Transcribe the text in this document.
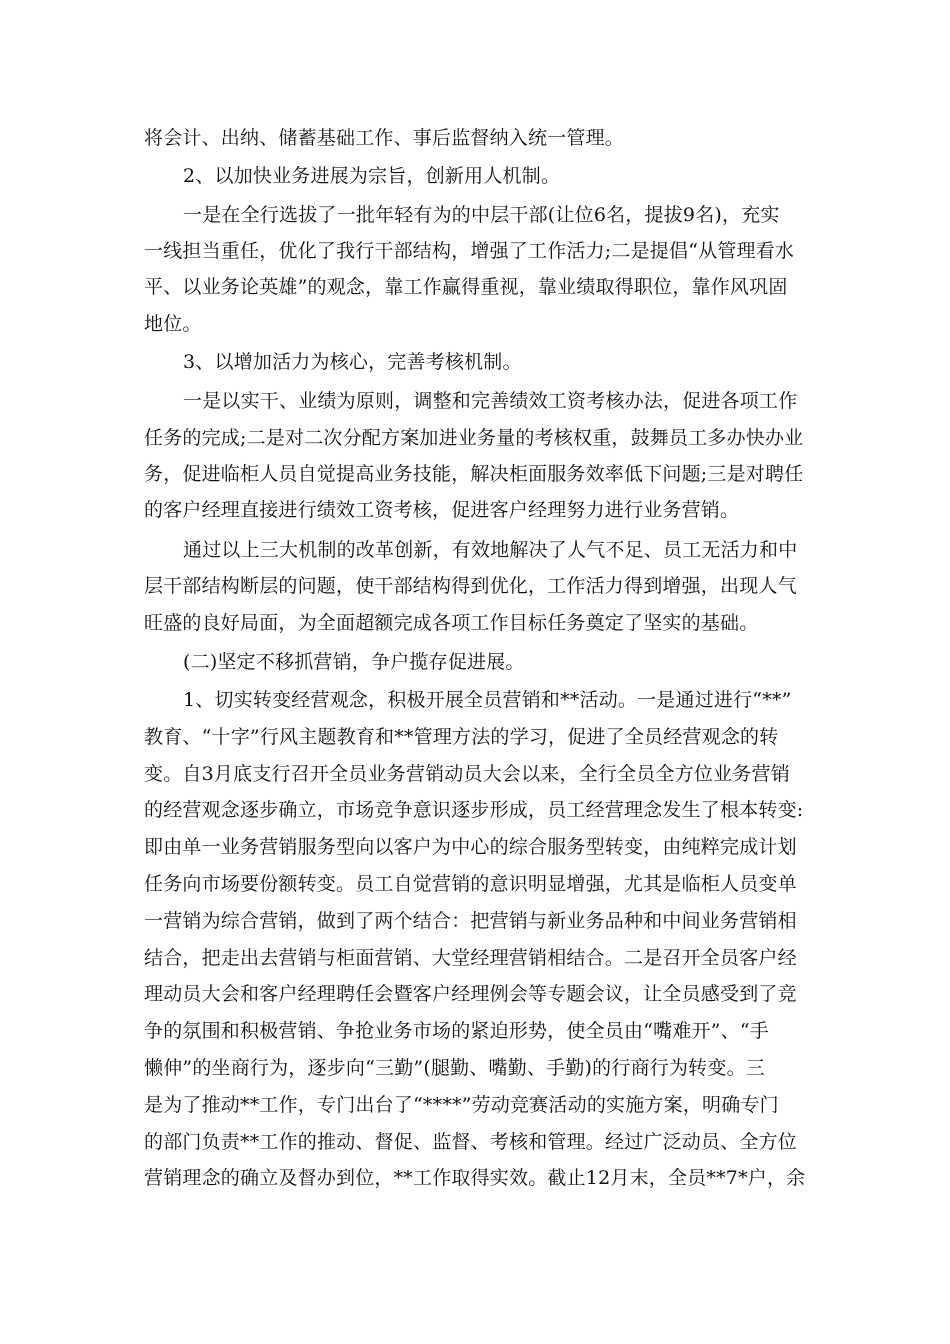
将会计、出纳、储蓄基础工作、事后监督纳入统一管理。
2、以加快业务进展为宗旨，创新用人机制。
一是在全行选拔了一批年轻有为的中层干部(让位6名，提拔9名)，充实
一线担当重任，优化了我行干部结构，增强了工作活力;二是提倡“从管理看水
平、以业务论英雄”的观念，靠工作赢得重视，靠业绩取得职位，靠作风巩固
地位。
3、以增加活力为核心，完善考核机制。
一是以实干、业绩为原则，调整和完善绩效工资考核办法，促进各项工作
任务的完成;二是对二次分配方案加进业务量的考核权重，鼓舞员工多办快办业
务，促进临柜人员自觉提高业务技能，解决柜面服务效率低下问题;三是对聘任
的客户经理直接进行绩效工资考核，促进客户经理努力进行业务营销。
通过以上三大机制的改革创新，有效地解决了人气不足、员工无活力和中
层干部结构断层的问题，使干部结构得到优化，工作活力得到增强，出现人气
旺盛的良好局面，为全面超额完成各项工作目标任务奠定了坚实的基础。
(二)坚定不移抓营销，争户揽存促进展。
1、切实转变经营观念，积极开展全员营销和**活动。一是通过进行“**”
教育、“十字”行风主题教育和**管理方法的学习，促进了全员经营观念的转
变。自3月底支行召开全员业务营销动员大会以来，全行全员全方位业务营销
的经营观念逐步确立，市场竞争意识逐步形成，员工经营理念发生了根本转变:
即由单一业务营销服务型向以客户为中心的综合服务型转变，由纯粹完成计划
任务向市场要份额转变。员工自觉营销的意识明显增强，尤其是临柜人员变单
一营销为综合营销，做到了两个结合：把营销与新业务品种和中间业务营销相
结合，把走出去营销与柜面营销、大堂经理营销相结合。二是召开全员客户经
理动员大会和客户经理聘任会暨客户经理例会等专题会议，让全员感受到了竞
争的氛围和积极营销、争抢业务市场的紧迫形势，使全员由“嘴难开”、“手
懒伸”的坐商行为，逐步向“三勤”(腿勤、嘴勤、手勤)的行商行为转变。三
是为了推动**工作，专门出台了“****”劳动竞赛活动的实施方案，明确专门
的部门负责**工作的推动、督促、监督、考核和管理。经过广泛动员、全方位
营销理念的确立及督办到位，**工作取得实效。截止12月末，全员**7*户，余
